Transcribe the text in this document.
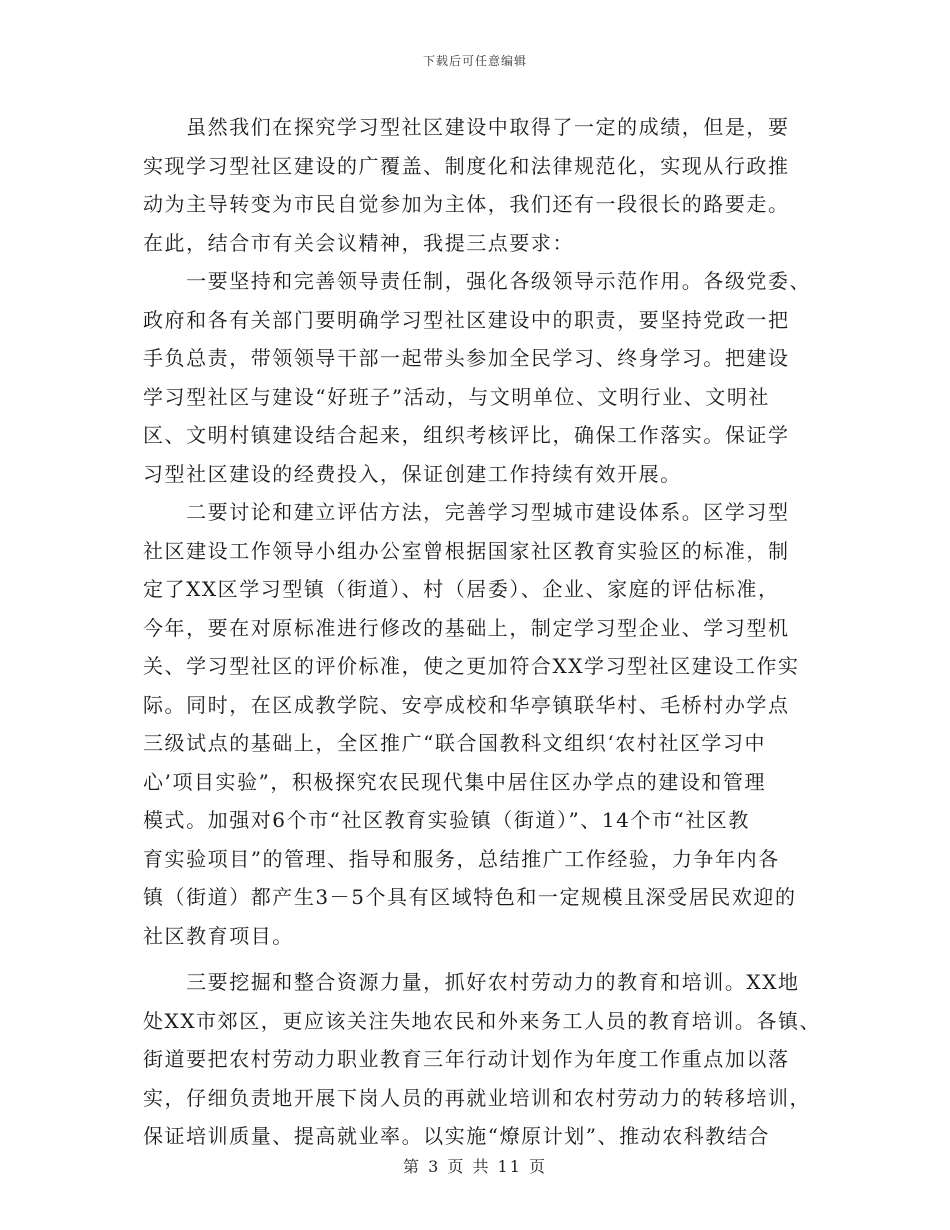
下载后可任意编辑
　　虽然我们在探究学习型社区建设中取得了一定的成绩，但是，要
实现学习型社区建设的广覆盖、制度化和法律规范化，实现从行政推
动为主导转变为市民自觉参加为主体，我们还有一段很长的路要走。
在此，结合市有关会议精神，我提三点要求：
　　一要坚持和完善领导责任制，强化各级领导示范作用。各级党委、
政府和各有关部门要明确学习型社区建设中的职责，要坚持党政一把
手负总责，带领领导干部一起带头参加全民学习、终身学习。把建设
学习型社区与建设“好班子”活动，与文明单位、文明行业、文明社
区、文明村镇建设结合起来，组织考核评比，确保工作落实。保证学
习型社区建设的经费投入，保证创建工作持续有效开展。
　　二要讨论和建立评估方法，完善学习型城市建设体系。区学习型
社区建设工作领导小组办公室曾根据国家社区教育实验区的标准，制
定了XX区学习型镇（街道）、村（居委）、企业、家庭的评估标准，
今年，要在对原标准进行修改的基础上，制定学习型企业、学习型机
关、学习型社区的评价标准，使之更加符合XX学习型社区建设工作实
际。同时，在区成教学院、安亭成校和华亭镇联华村、毛桥村办学点
三级试点的基础上，全区推广“联合国教科文组织‘农村社区学习中
心’项目实验”，积极探究农民现代集中居住区办学点的建设和管理
模式。加强对6个市“社区教育实验镇（街道）”、14个市“社区教
育实验项目”的管理、指导和服务，总结推广工作经验，力争年内各
镇（街道）都产生3－5个具有区域特色和一定规模且深受居民欢迎的
社区教育项目。
　　三要挖掘和整合资源力量，抓好农村劳动力的教育和培训。XX地
处XX市郊区，更应该关注失地农民和外来务工人员的教育培训。各镇、
街道要把农村劳动力职业教育三年行动计划作为年度工作重点加以落
实，仔细负责地开展下岗人员的再就业培训和农村劳动力的转移培训，
保证培训质量、提高就业率。以实施“燎原计划”、推动农科教结合
第 3 页 共 11 页
